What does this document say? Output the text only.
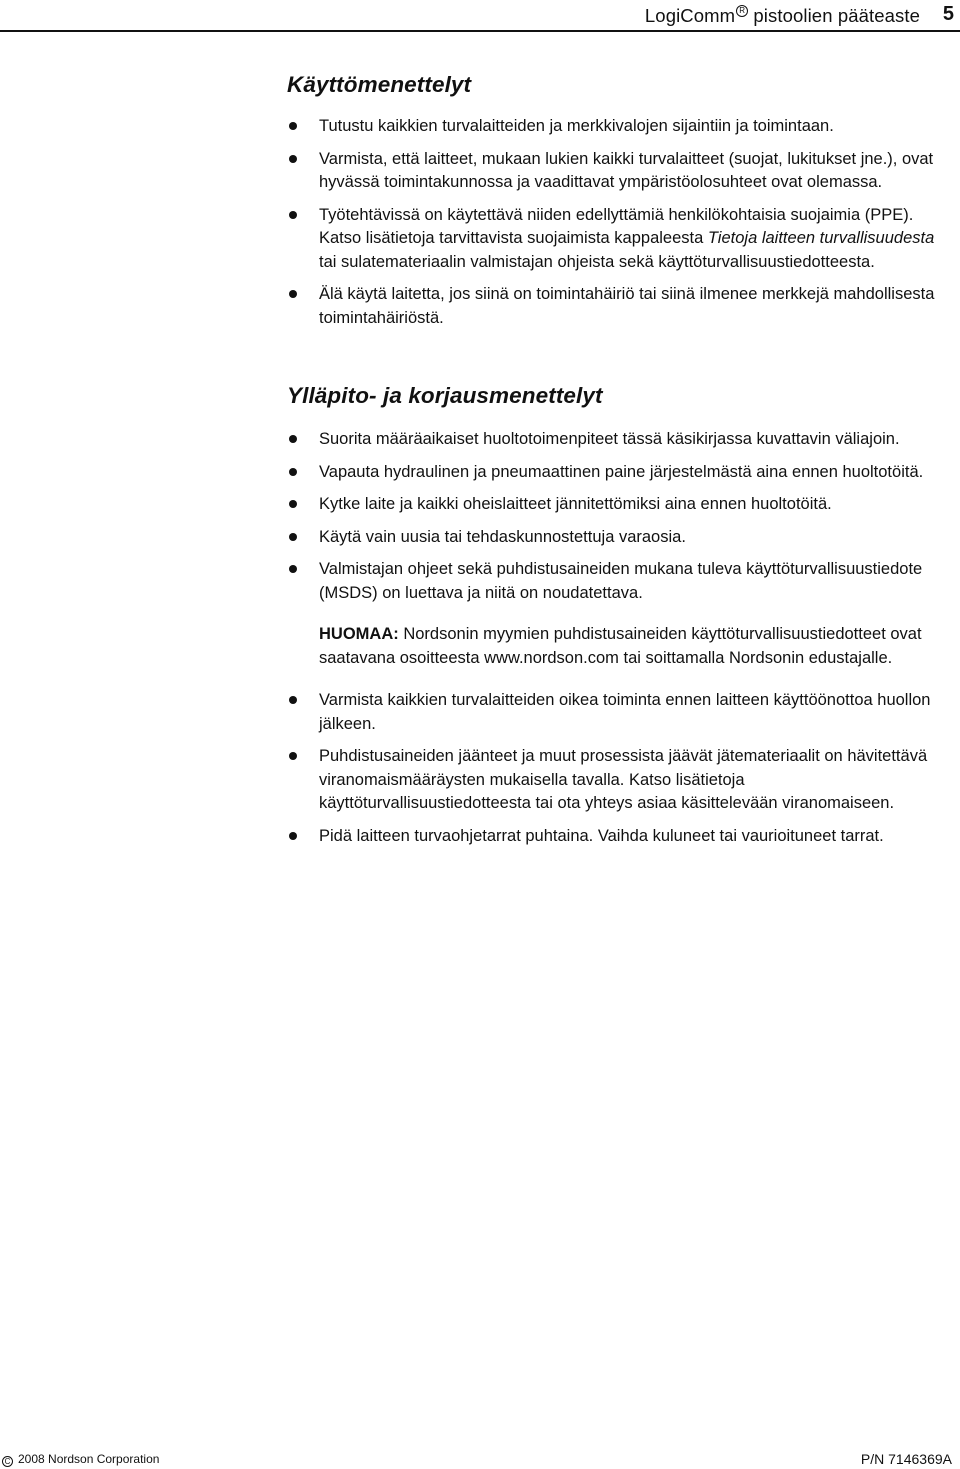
LogiComm R pistoolien pääteaste 5
Käyttömenettelyt
Tutustu kaikkien turvalaitteiden ja merkkivalojen sijaintiin ja toimintaan.
Varmista, että laitteet, mukaan lukien kaikki turvalaitteet (suojat, lukitukset jne.), ovat hyvässä toimintakunnossa ja vaadittavat ympäristöolosuhteet ovat olemassa.
Työtehtävissä on käytettävä niiden edellyttämiä henkilökohtaisia suojaimia (PPE). Katso lisätietoja tarvittavista suojaimista kappaleesta Tietoja laitteen turvallisuudesta tai sulatemateriaalin valmistajan ohjeista sekä käyttöturvallisuustiedotteesta.
Älä käytä laitetta, jos siinä on toimintahäiriö tai siinä ilmenee merkkejä mahdollisesta toimintahäiriöstä.
Ylläpito- ja korjausmenettelyt
Suorita määräaikaiset huoltotoimenpiteet tässä käsikirjassa kuvattavin väliajoin.
Vapauta hydraulinen ja pneumaattinen paine järjestelmästä aina ennen huoltotöitä.
Kytke laite ja kaikki oheislaitteet jännitettömiksi aina ennen huoltotöitä.
Käytä vain uusia tai tehdaskunnostettuja varaosia.
Valmistajan ohjeet sekä puhdistusaineiden mukana tuleva käyttöturvallisuustiedote (MSDS) on luettava ja niitä on noudatettava.

HUOMAA: Nordsonin myymien puhdistusaineiden käyttöturvallisuustiedotteet ovat saatavana osoitteesta www.nordson.com tai soittamalla Nordsonin edustajalle.

Varmista kaikkien turvalaitteiden oikea toiminta ennen laitteen käyttöönottoa huollon jälkeen.
Puhdistusaineiden jäänteet ja muut prosessista jäävät jätemateriaalit on hävitettävä viranomaismääräysten mukaisella tavalla. Katso lisätietoja käyttöturvallisuustiedotteesta tai ota yhteys asiaa käsittelevään viranomaiseen.
Pidä laitteen turvaohjetarrat puhtaina. Vaihda kuluneet tai vaurioituneet tarrat.
C 2008 Nordson Corporation	P/N 7146369A
